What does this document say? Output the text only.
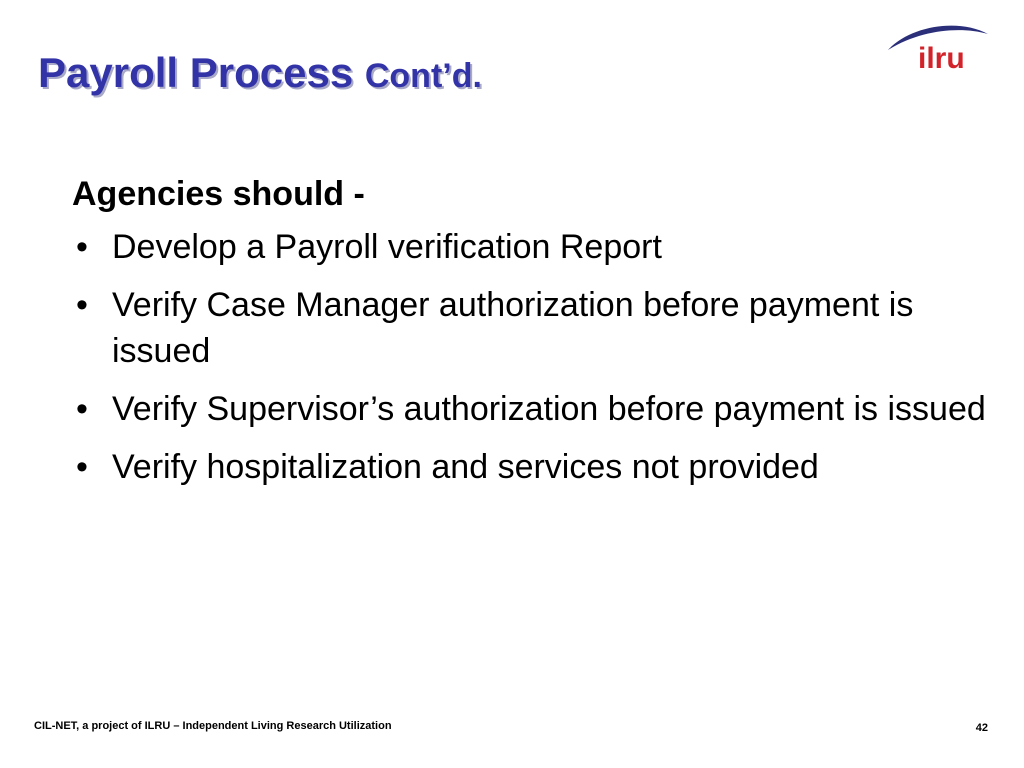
Payroll Process Cont’d.	ilru
Agencies should -
• Develop a Payroll verification Report
• Verify Case Manager authorization before payment is issued
• Verify Supervisor’s authorization before payment is issued
• Verify hospitalization and services not provided
CIL-NET, a project of ILRU – Independent Living Research Utilization	42
